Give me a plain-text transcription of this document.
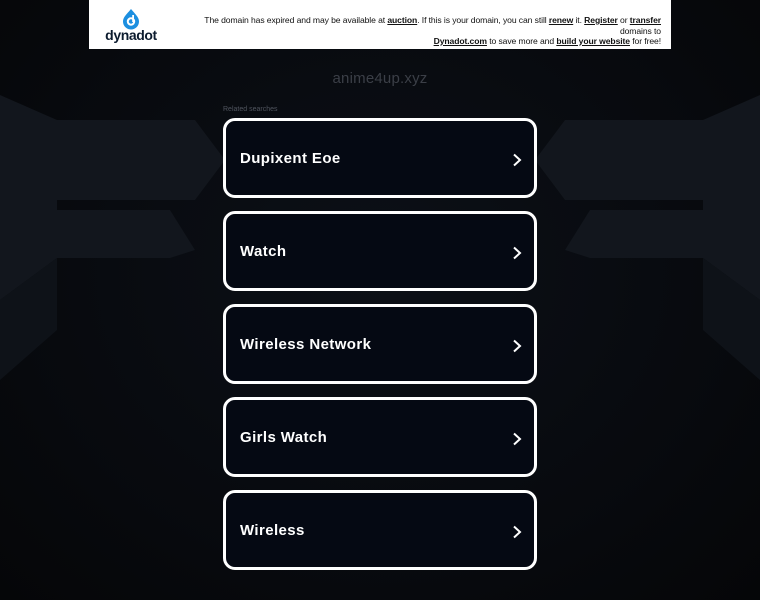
dynadot
The domain has expired and may be available at auction. If this is your domain, you can still renew it. Register or transfer domains to
Dynadot.com to save more and build your website for free!
anime4up.xyz
Related searches
Dupixent Eoe
Watch
Wireless Network
Girls Watch
Wireless
